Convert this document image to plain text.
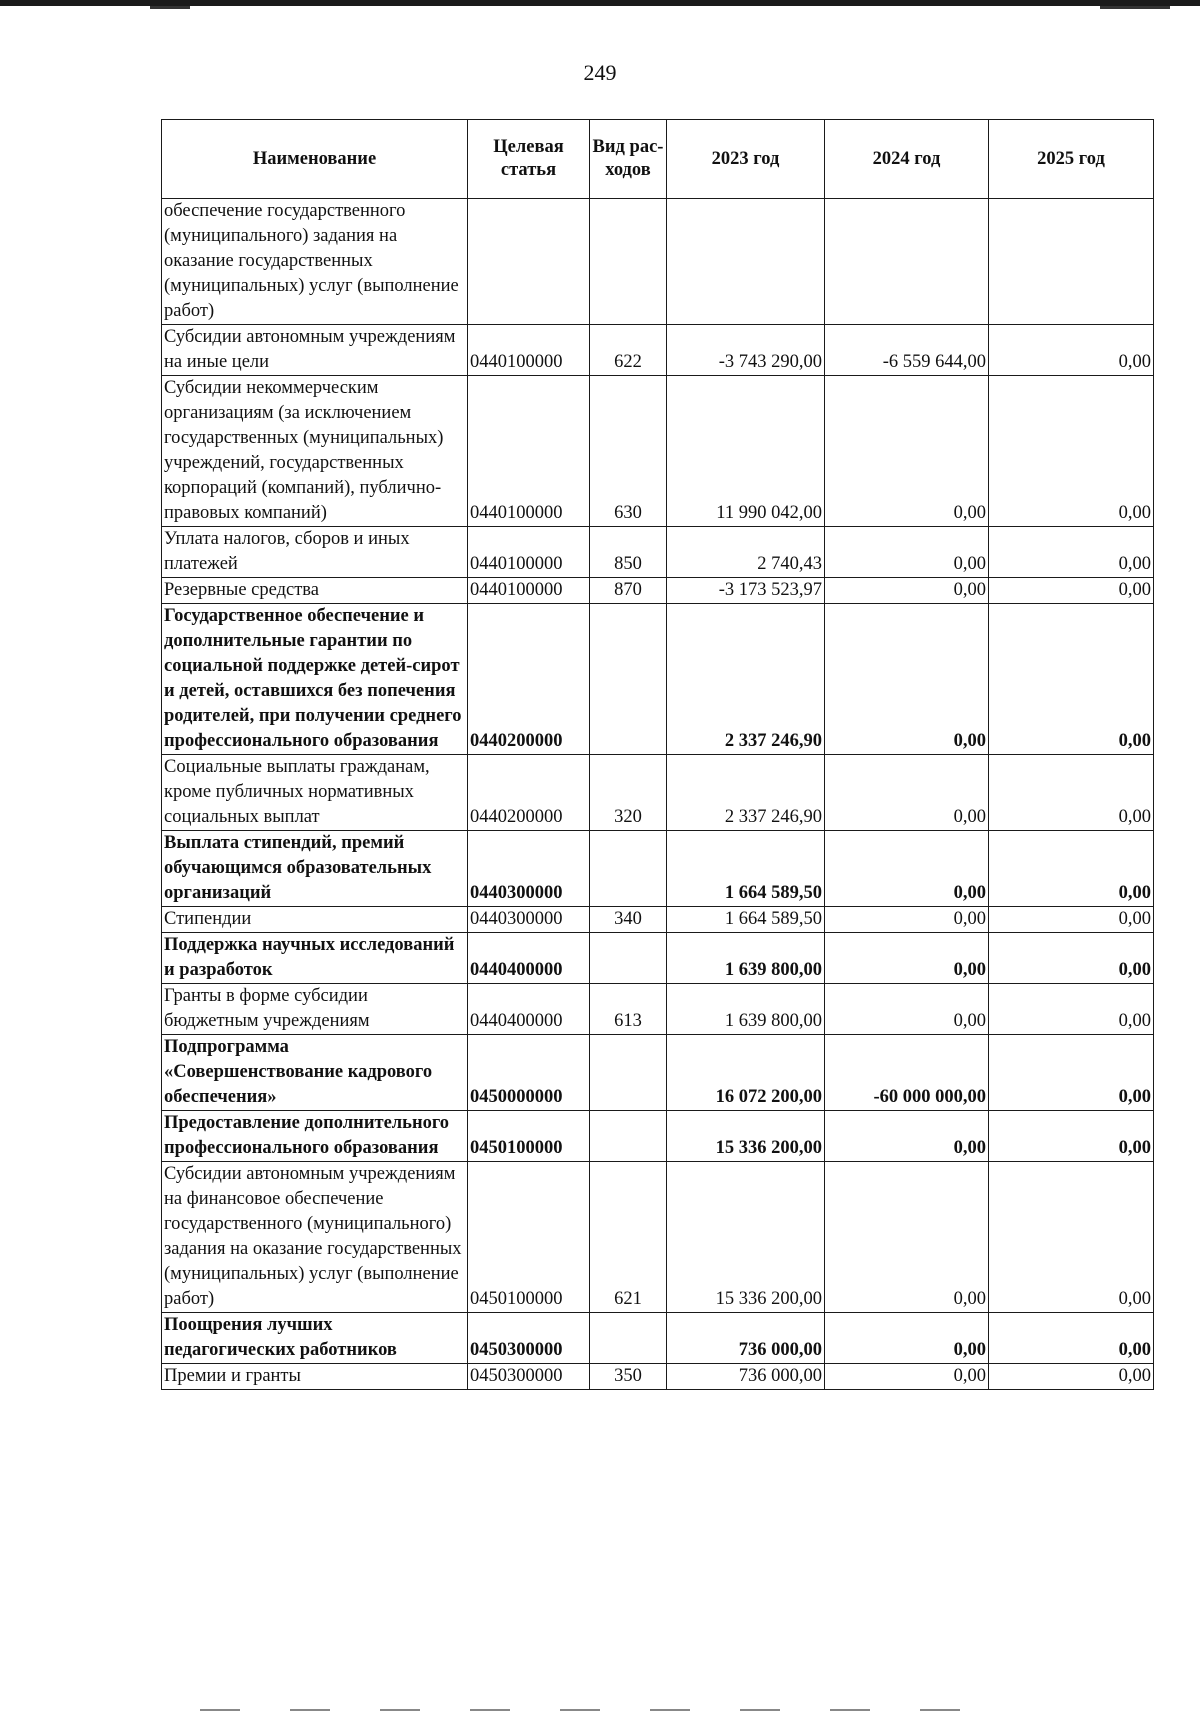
249
Наименование	Целевая статья	Вид рас- ходов	2023 год	2024 год	2025 год
обеспечение государственного (муниципального) задания на оказание государственных (муниципальных) услуг (выполнение работ)					
Субсидии автономным учреждениям на иные цели	0440100000	622	-3 743 290,00	-6 559 644,00	0,00
Субсидии некоммерческим организациям (за исключением государственных (муниципальных) учреждений, государственных корпораций (компаний), публично-правовых компаний)	0440100000	630	11 990 042,00	0,00	0,00
Уплата налогов, сборов и иных платежей	0440100000	850	2 740,43	0,00	0,00
Резервные средства	0440100000	870	-3 173 523,97	0,00	0,00
Государственное обеспечение и дополнительные гарантии по социальной поддержке детей-сирот и детей, оставшихся без попечения родителей, при получении среднего профессионального образования	0440200000		2 337 246,90	0,00	0,00
Социальные выплаты гражданам, кроме публичных нормативных социальных выплат	0440200000	320	2 337 246,90	0,00	0,00
Выплата стипендий, премий обучающимся образовательных организаций	0440300000		1 664 589,50	0,00	0,00
Стипендии	0440300000	340	1 664 589,50	0,00	0,00
Поддержка научных исследований и разработок	0440400000		1 639 800,00	0,00	0,00
Гранты в форме субсидии бюджетным учреждениям	0440400000	613	1 639 800,00	0,00	0,00
Подпрограмма «Совершенствование кадрового обеспечения»	0450000000		16 072 200,00	-60 000 000,00	0,00
Предоставление дополнительного профессионального образования	0450100000		15 336 200,00	0,00	0,00
Субсидии автономным учреждениям на финансовое обеспечение государственного (муниципального) задания на оказание государственных (муниципальных) услуг (выполнение работ)	0450100000	621	15 336 200,00	0,00	0,00
Поощрения лучших педагогических работников	0450300000		736 000,00	0,00	0,00
Премии и гранты	0450300000	350	736 000,00	0,00	0,00
